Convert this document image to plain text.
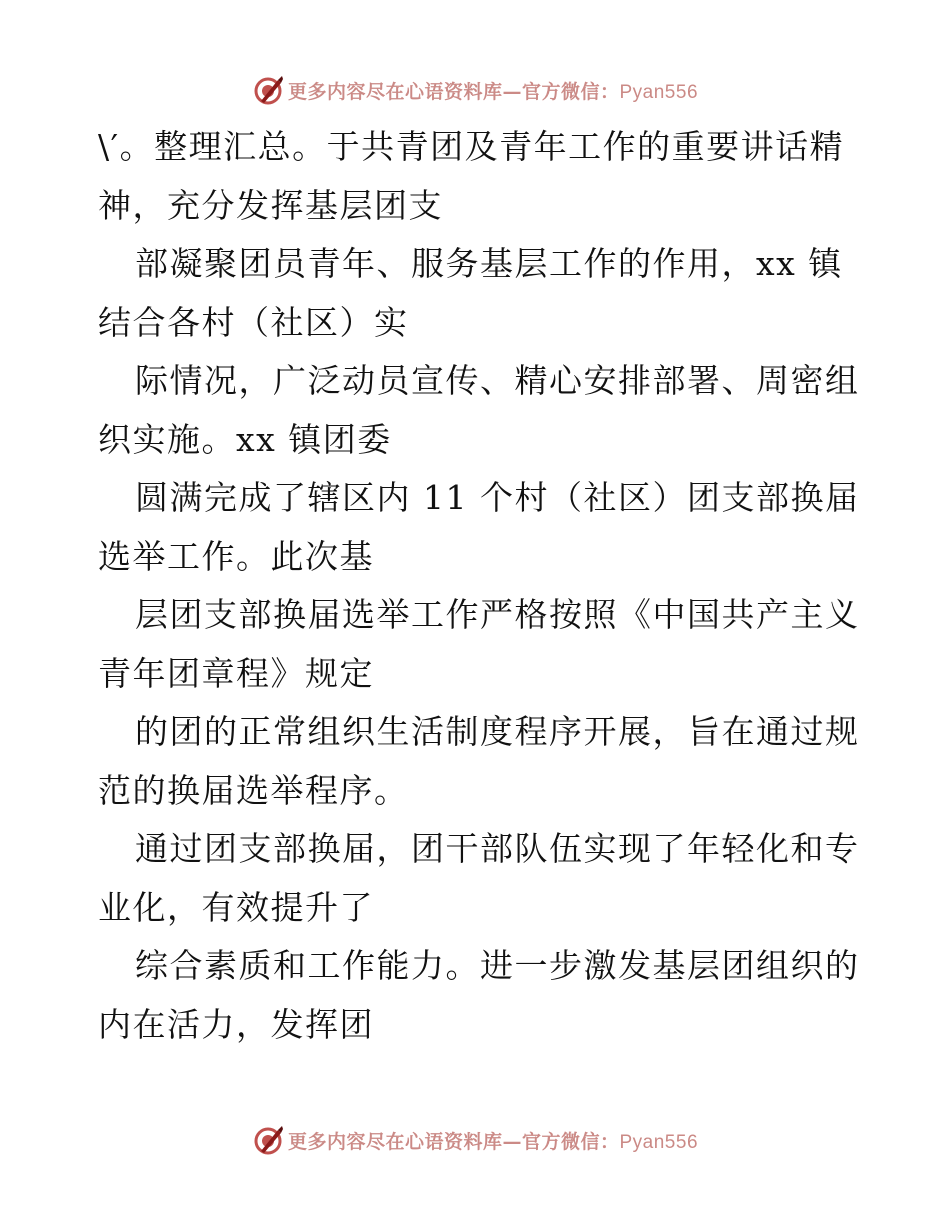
更多内容尽在心语资料库—官方微信：Pyan556
\′。整理汇总。于共青团及青年工作的重要讲话精
神，充分发挥基层团支
部凝聚团员青年、服务基层工作的作用，xx 镇
结合各村（社区）实
际情况，广泛动员宣传、精心安排部署、周密组
织实施。xx 镇团委
圆满完成了辖区内 11 个村（社区）团支部换届
选举工作。此次基
层团支部换届选举工作严格按照《中国共产主义
青年团章程》规定
的团的正常组织生活制度程序开展，旨在通过规
范的换届选举程序。
通过团支部换届，团干部队伍实现了年轻化和专
业化，有效提升了
综合素质和工作能力。进一步激发基层团组织的
内在活力，发挥团
更多内容尽在心语资料库—官方微信：Pyan556
